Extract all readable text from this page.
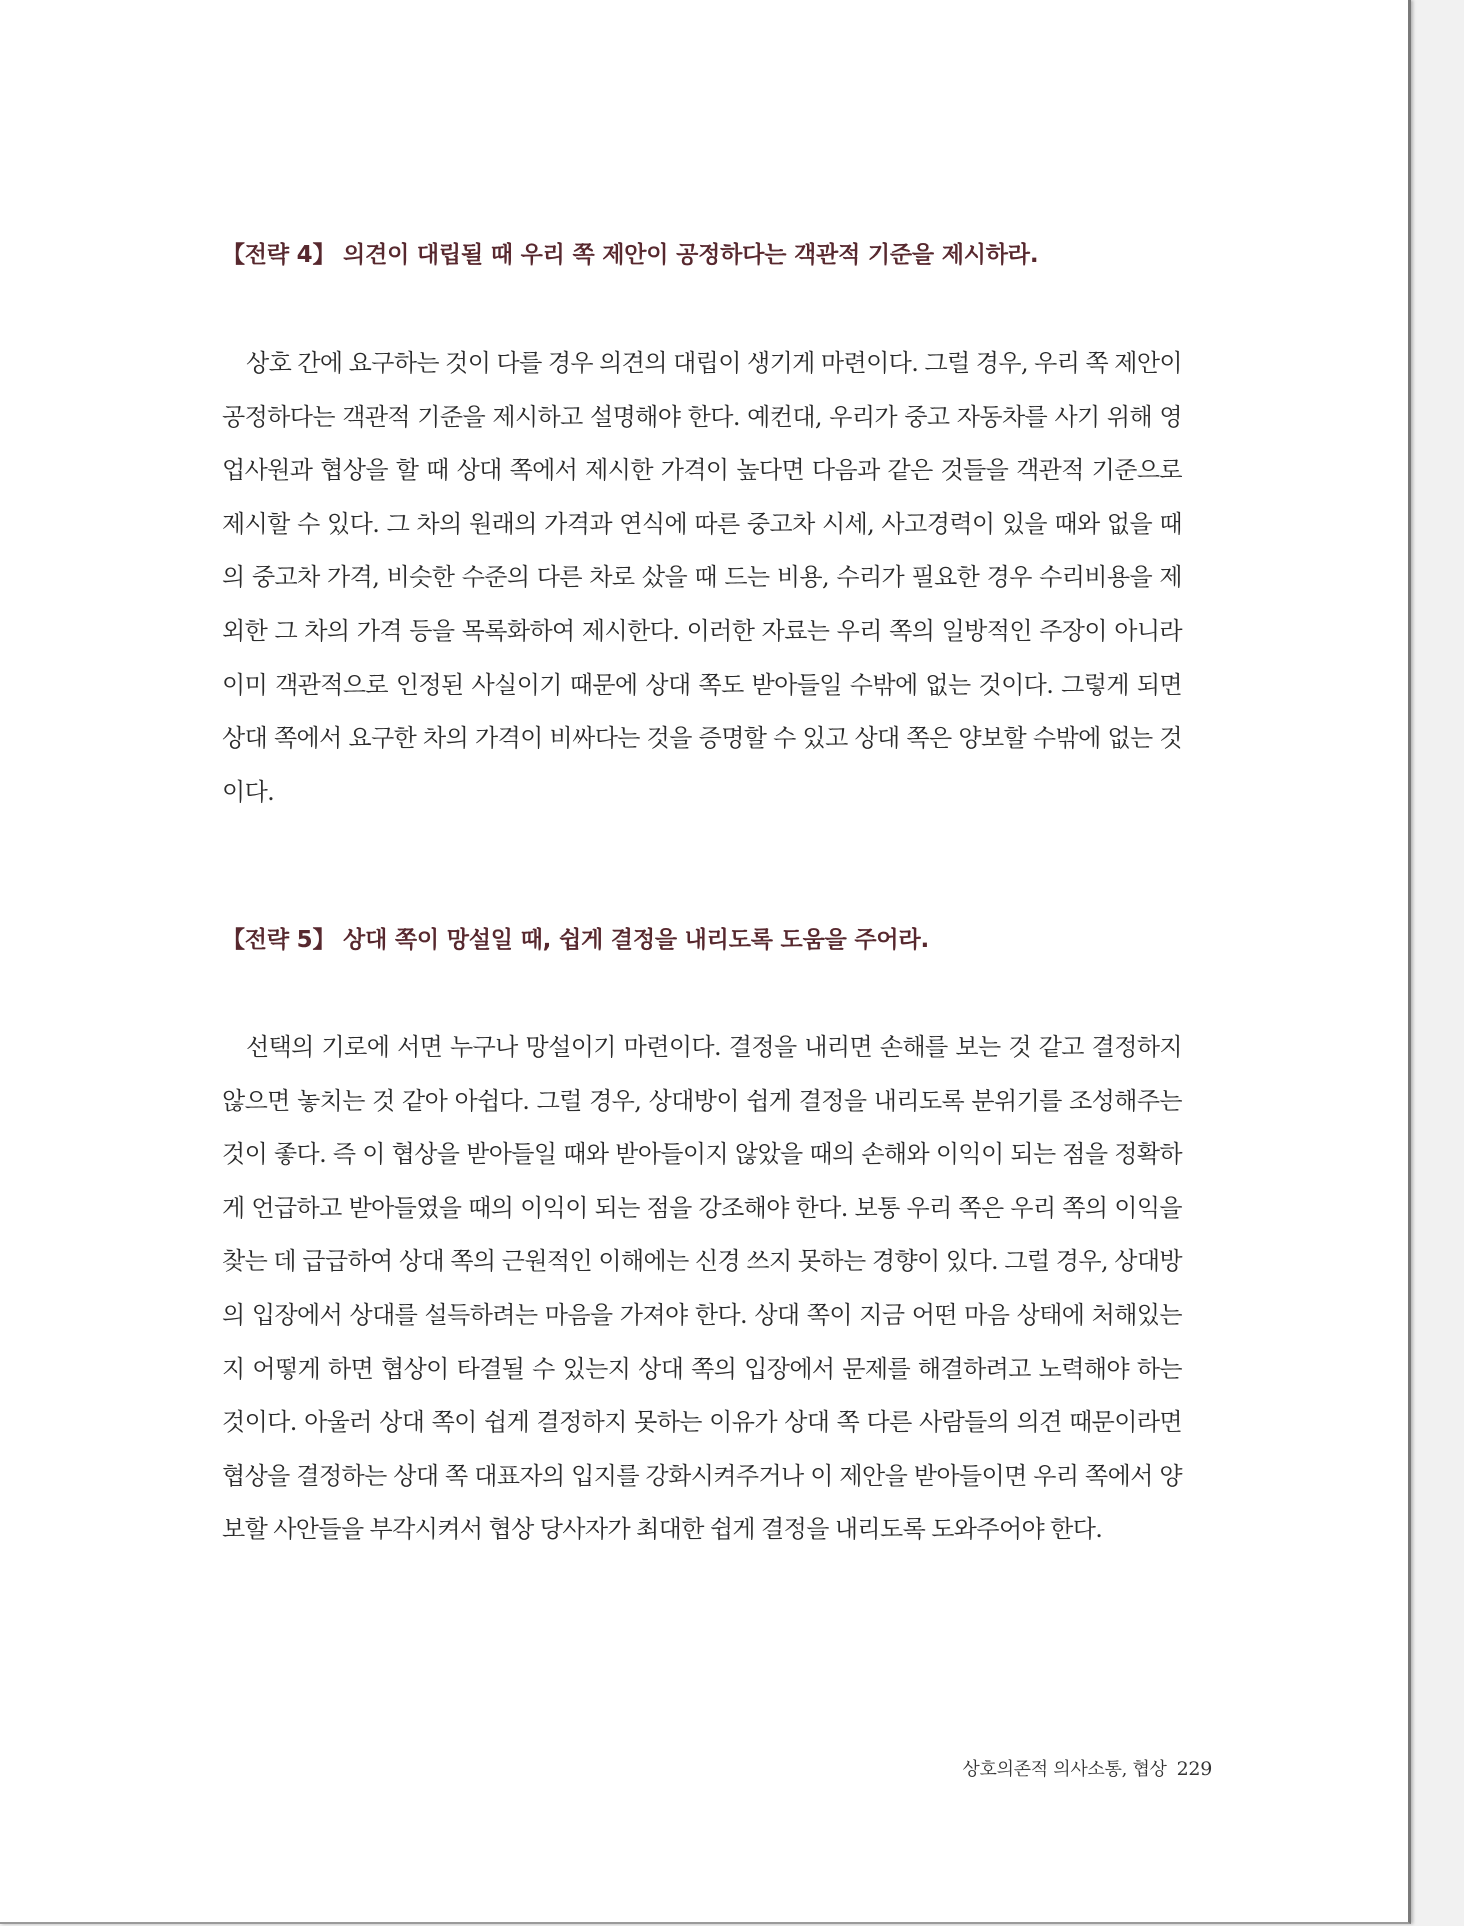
【전략 4】 의견이 대립될 때 우리 쪽 제안이 공정하다는 객관적 기준을 제시하라.

상호 간에 요구하는 것이 다를 경우 의견의 대립이 생기게 마련이다. 그럴 경우, 우리 쪽 제안이 공정하다는 객관적 기준을 제시하고 설명해야 한다. 예컨대, 우리가 중고 자동차를 사기 위해 영업사원과 협상을 할 때 상대 쪽에서 제시한 가격이 높다면 다음과 같은 것들을 객관적 기준으로 제시할 수 있다. 그 차의 원래의 가격과 연식에 따른 중고차 시세, 사고경력이 있을 때와 없을 때의 중고차 가격, 비슷한 수준의 다른 차로 샀을 때 드는 비용, 수리가 필요한 경우 수리비용을 제외한 그 차의 가격 등을 목록화하여 제시한다. 이러한 자료는 우리 쪽의 일방적인 주장이 아니라 이미 객관적으로 인정된 사실이기 때문에 상대 쪽도 받아들일 수밖에 없는 것이다. 그렇게 되면 상대 쪽에서 요구한 차의 가격이 비싸다는 것을 증명할 수 있고 상대 쪽은 양보할 수밖에 없는 것이다.

【전략 5】 상대 쪽이 망설일 때, 쉽게 결정을 내리도록 도움을 주어라.

선택의 기로에 서면 누구나 망설이기 마련이다. 결정을 내리면 손해를 보는 것 같고 결정하지 않으면 놓치는 것 같아 아쉽다. 그럴 경우, 상대방이 쉽게 결정을 내리도록 분위기를 조성해주는 것이 좋다. 즉 이 협상을 받아들일 때와 받아들이지 않았을 때의 손해와 이익이 되는 점을 정확하게 언급하고 받아들였을 때의 이익이 되는 점을 강조해야 한다. 보통 우리 쪽은 우리 쪽의 이익을 찾는 데 급급하여 상대 쪽의 근원적인 이해에는 신경 쓰지 못하는 경향이 있다. 그럴 경우, 상대방의 입장에서 상대를 설득하려는 마음을 가져야 한다. 상대 쪽이 지금 어떤 마음 상태에 처해있는지 어떻게 하면 협상이 타결될 수 있는지 상대 쪽의 입장에서 문제를 해결하려고 노력해야 하는 것이다. 아울러 상대 쪽이 쉽게 결정하지 못하는 이유가 상대 쪽 다른 사람들의 의견 때문이라면 협상을 결정하는 상대 쪽 대표자의 입지를 강화시켜주거나 이 제안을 받아들이면 우리 쪽에서 양보할 사안들을 부각시켜서 협상 당사자가 최대한 쉽게 결정을 내리도록 도와주어야 한다.

상호의존적 의사소통, 협상 229
